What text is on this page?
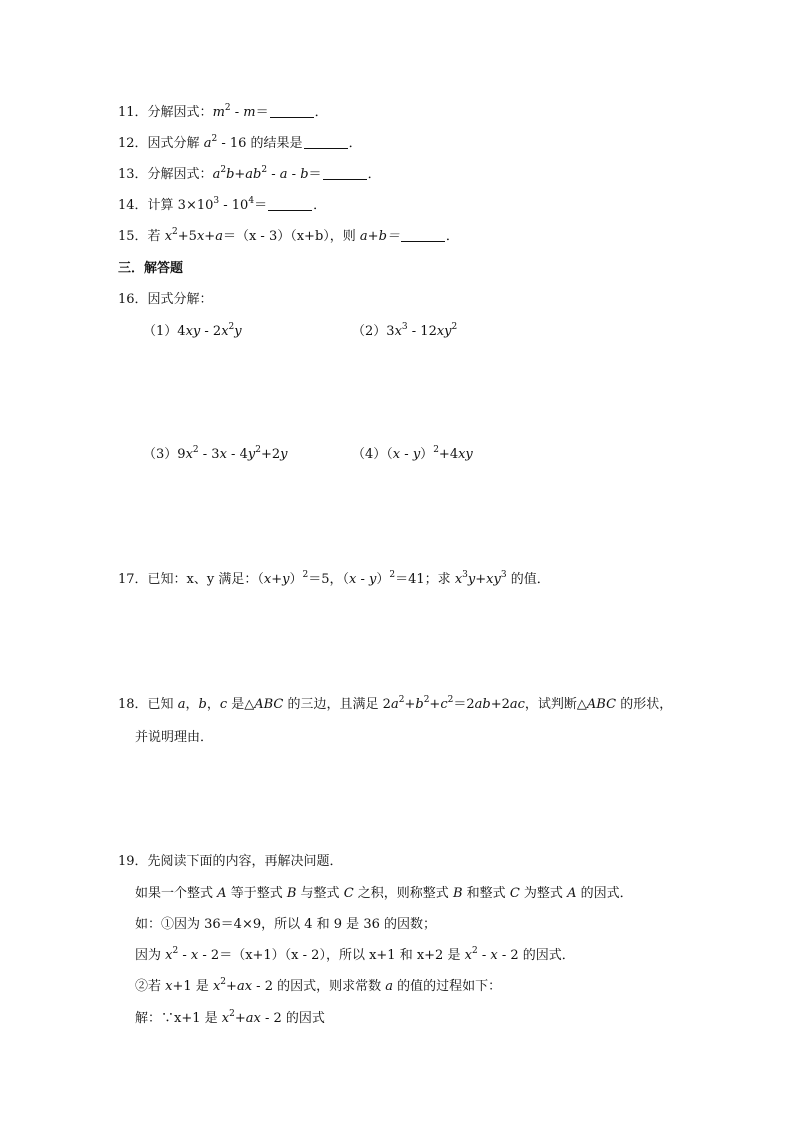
11．分解因式：$m^2 - m=$	．
12．因式分解 $a^2 - 16$ 的结果是	．
13．分解因式：$a^2b+ab^2 - a - b=$	．
14．计算 $3\times 10^3 - 10^4=$	．
15．若 $x^2+5x+a=(x - 3)(x+b)$，则 a+b＝	．
三．解答题
16．因式分解：
$(1)4xy - 2x^2y$	$(2)3x^3 - 12xy^2$
$(3)9x^2 - 3x - 4y^2+2y$	（4）（x - y）$^2$+4xy
17．已知：x、y 满足：$(x+y)^2=5$，（x - y）$^2$＝41；求 $x^3y+xy^3$ 的值．
18．已知 a，b，c 是△ABC 的三边，且满足 $2a^2+b^2+c^2=2ab+2ac$，试判断△ABC 的形状，
并说明理由．
19．先阅读下面的内容，再解决问题．
如果一个整式 A 等于整式 B 与整式 C 之积，则称整式 B 和整式 C 为整式 A 的因式．
如：①因为 36＝4×9，所以 4 和 9 是 36 的因数；
因为 $x^2 - x - 2=(x+1)(x - 2)$，所以 x+1 和 x+2 是 $x^2$ - x - 2 的因式．
②若 x+1 是 $x^2+ax - 2$ 的因式，则求常数 a 的值的过程如下：
解：∵x+1 是 $x^2+ax - 2$ 的因式
